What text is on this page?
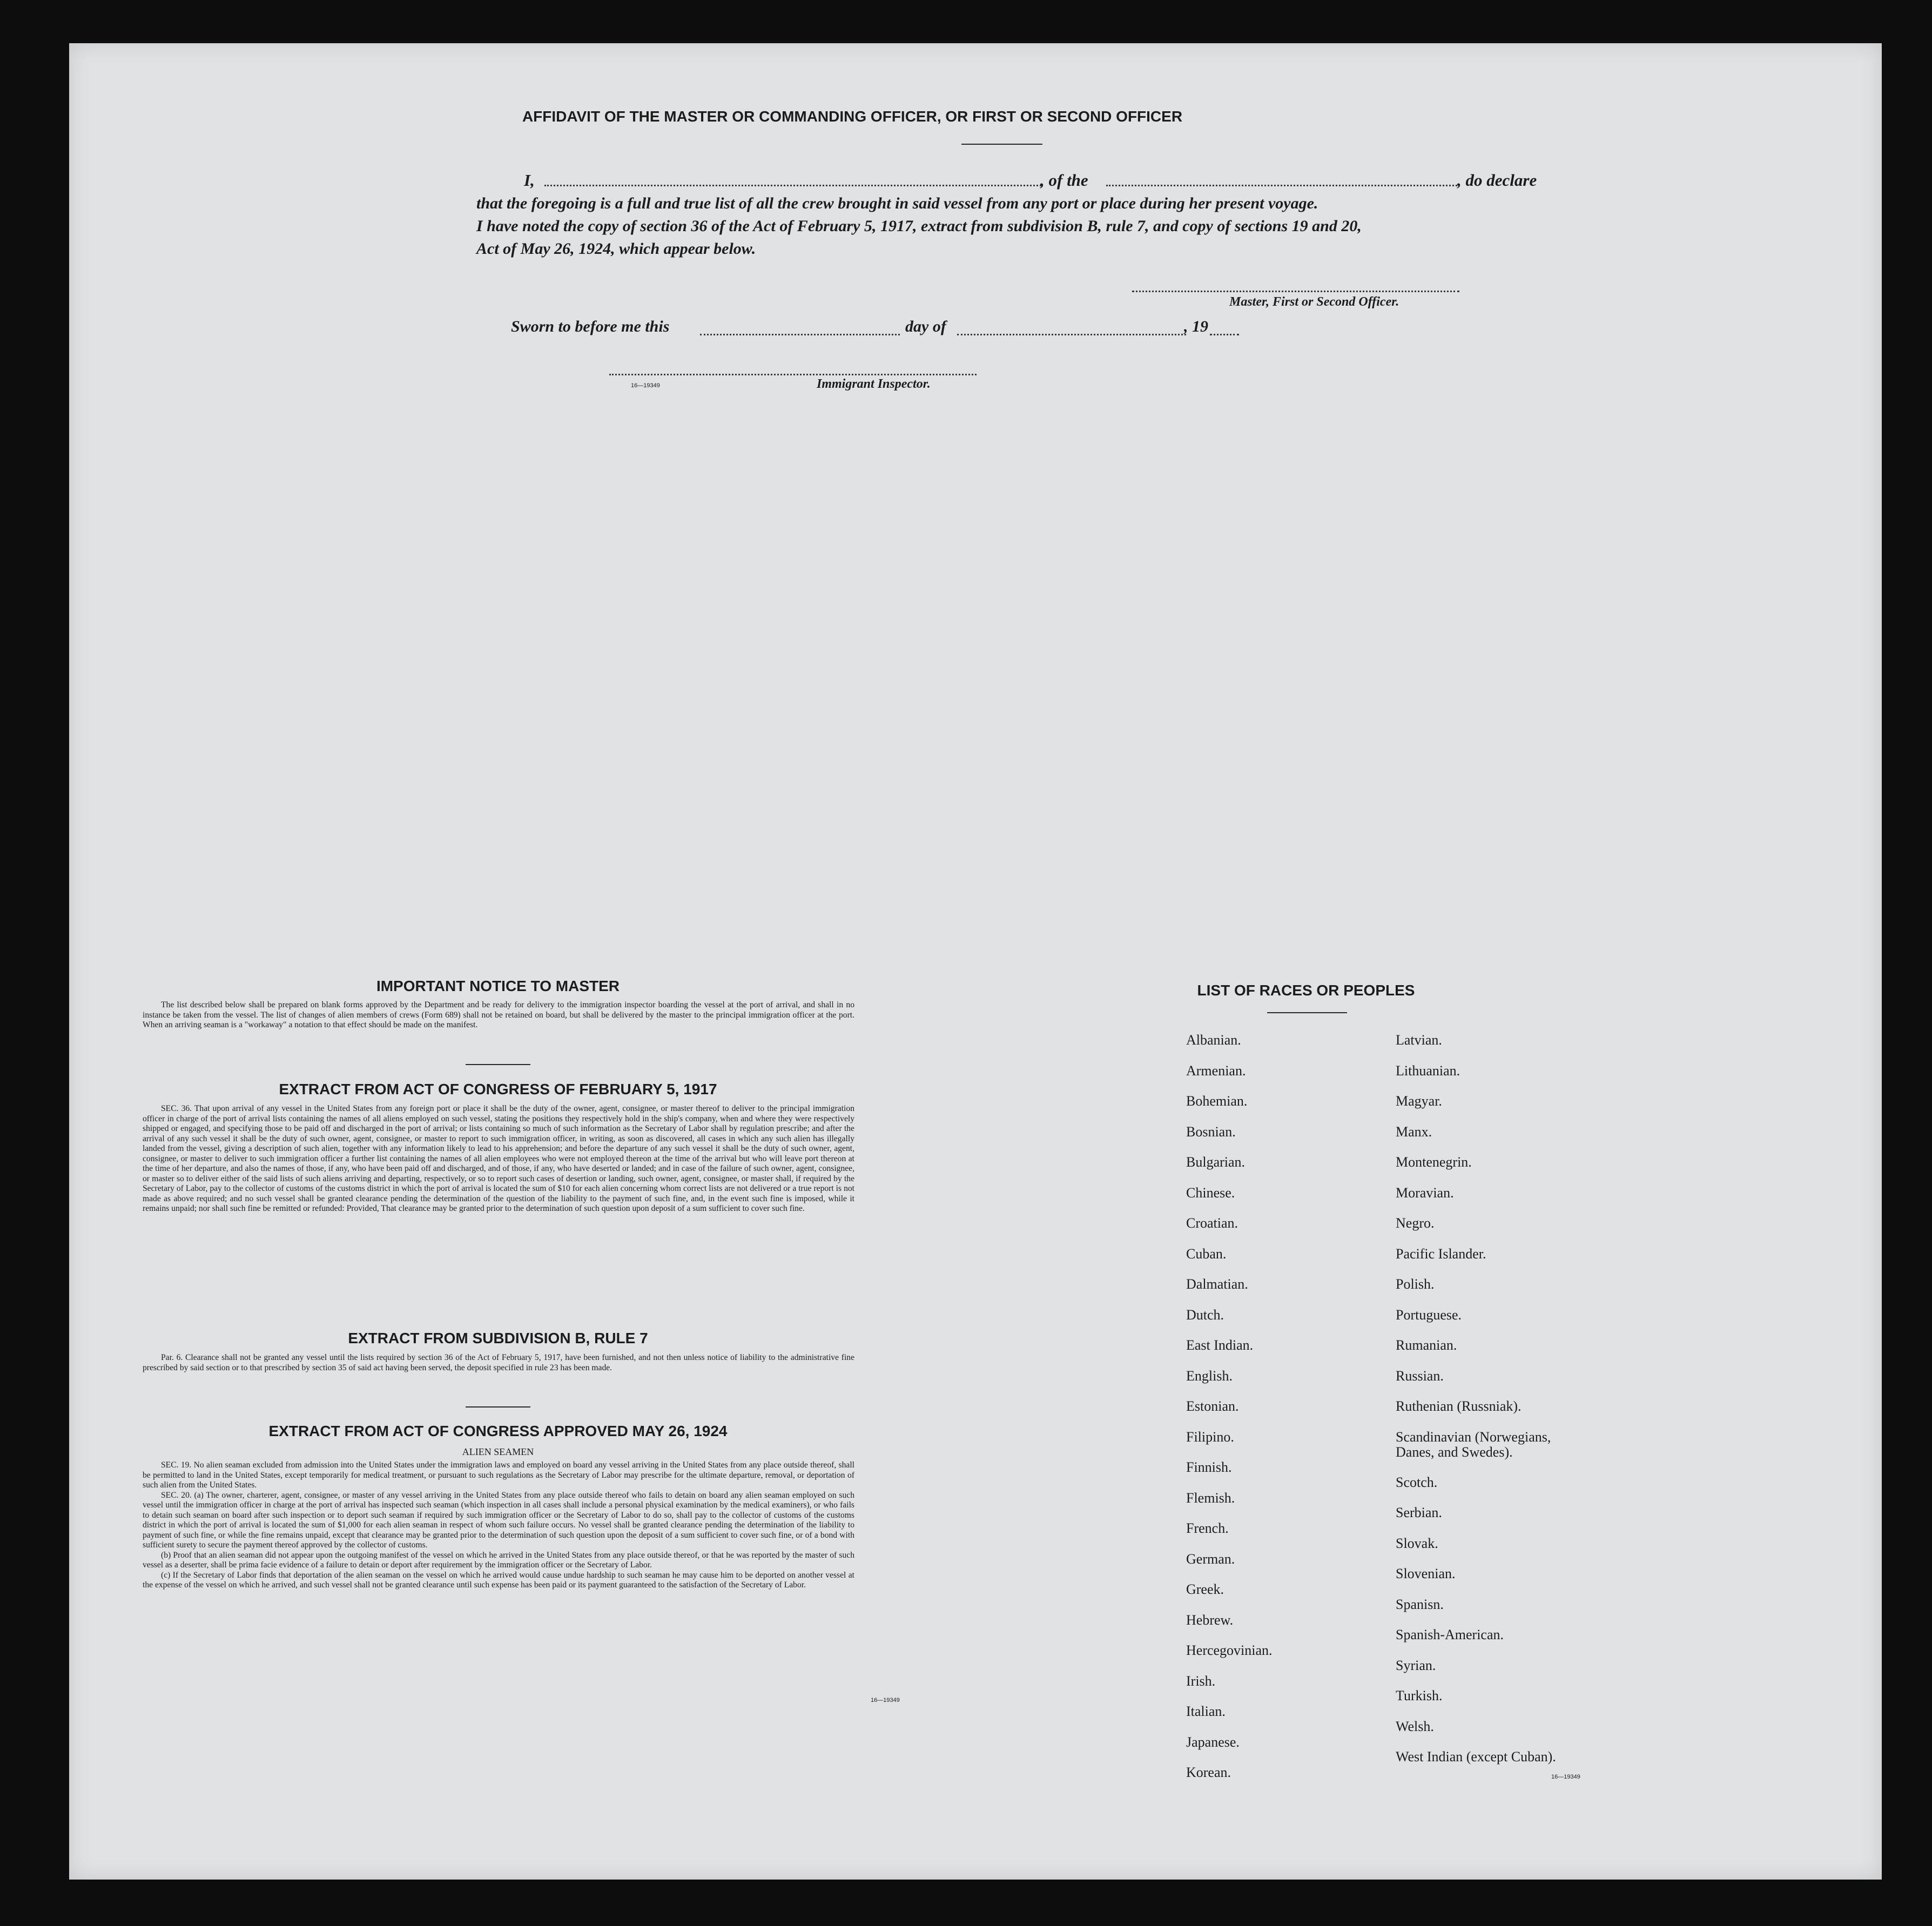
AFFIDAVIT OF THE MASTER OR COMMANDING OFFICER, OR FIRST OR SECOND OFFICER
I,	, of the	, do declare
that the foregoing is a full and true list of all the crew brought in said vessel from any port or place during her present voyage.
I have noted the copy of section 36 of the Act of February 5, 1917, extract from subdivision B, rule 7, and copy of sections 19 and 20,
Act of May 26, 1924, which appear below.
Master, First or Second Officer.
Sworn to before me this	day of	, 19
16—19349	Immigrant Inspector.
IMPORTANT NOTICE TO MASTER

The list described below shall be prepared on blank forms approved by the Department and be ready for delivery to the immigration inspector boarding the vessel at the port of arrival, and shall in no instance be taken from the vessel. The list of changes of alien members of crews (Form 689) shall not be retained on board, but shall be delivered by the master to the principal immigration officer at the port. When an arriving seaman is a "workaway" a notation to that effect should be made on the manifest.

EXTRACT FROM ACT OF CONGRESS OF FEBRUARY 5, 1917

SEC. 36. That upon arrival of any vessel in the United States from any foreign port or place it shall be the duty of the owner, agent, consignee, or master thereof to deliver to the principal immigration officer in charge of the port of arrival lists containing the names of all aliens employed on such vessel, stating the positions they respectively hold in the ship's company, when and where they were respectively shipped or engaged, and specifying those to be paid off and discharged in the port of arrival; or lists containing so much of such information as the Secretary of Labor shall by regulation prescribe; and after the arrival of any such vessel it shall be the duty of such owner, agent, consignee, or master to report to such immigration officer, in writing, as soon as discovered, all cases in which any such alien has illegally landed from the vessel, giving a description of such alien, together with any information likely to lead to his apprehension; and before the departure of any such vessel it shall be the duty of such owner, agent, consignee, or master to deliver to such immigration officer a further list containing the names of all alien employees who were not employed thereon at the time of the arrival but who will leave port thereon at the time of her departure, and also the names of those, if any, who have been paid off and discharged, and of those, if any, who have deserted or landed; and in case of the failure of such owner, agent, consignee, or master so to deliver either of the said lists of such aliens arriving and departing, respectively, or so to report such cases of desertion or landing, such owner, agent, consignee, or master shall, if required by the Secretary of Labor, pay to the collector of customs of the customs district in which the port of arrival is located the sum of $10 for each alien concerning whom correct lists are not delivered or a true report is not made as above required; and no such vessel shall be granted clearance pending the determination of the question of the liability to the payment of such fine, and, in the event such fine is imposed, while it remains unpaid; nor shall such fine be remitted or refunded: Provided, That clearance may be granted prior to the determination of such question upon deposit of a sum sufficient to cover such fine.

EXTRACT FROM SUBDIVISION B, RULE 7

Par. 6. Clearance shall not be granted any vessel until the lists required by section 36 of the Act of February 5, 1917, have been furnished, and not then unless notice of liability to the administrative fine prescribed by said section or to that prescribed by section 35 of said act having been served, the deposit specified in rule 23 has been made.

EXTRACT FROM ACT OF CONGRESS APPROVED MAY 26, 1924
ALIEN SEAMEN

SEC. 19. No alien seaman excluded from admission into the United States under the immigration laws and employed on board any vessel arriving in the United States from any place outside thereof, shall be permitted to land in the United States, except temporarily for medical treatment, or pursuant to such regulations as the Secretary of Labor may prescribe for the ultimate departure, removal, or deportation of such alien from the United States.

SEC. 20. (a) The owner, charterer, agent, consignee, or master of any vessel arriving in the United States from any place outside thereof who fails to detain on board any alien seaman employed on such vessel until the immigration officer in charge at the port of arrival has inspected such seaman (which inspection in all cases shall include a personal physical examination by the medical examiners), or who fails to detain such seaman on board after such inspection or to deport such seaman if required by such immigration officer or the Secretary of Labor to do so, shall pay to the collector of customs of the customs district in which the port of arrival is located the sum of $1,000 for each alien seaman in respect of whom such failure occurs. No vessel shall be granted clearance pending the determination of the liability to payment of such fine, or while the fine remains unpaid, except that clearance may be granted prior to the determination of such question upon the deposit of a sum sufficient to cover such fine, or of a bond with sufficient surety to secure the payment thereof approved by the collector of customs.

(b) Proof that an alien seaman did not appear upon the outgoing manifest of the vessel on which he arrived in the United States from any place outside thereof, or that he was reported by the master of such vessel as a deserter, shall be prima facie evidence of a failure to detain or deport after requirement by the immigration officer or the Secretary of Labor.

(c) If the Secretary of Labor finds that deportation of the alien seaman on the vessel on which he arrived would cause undue hardship to such seaman he may cause him to be deported on another vessel at the expense of the vessel on which he arrived, and such vessel shall not be granted clearance until such expense has been paid or its payment guaranteed to the satisfaction of the Secretary of Labor.

16—19349
LIST OF RACES OR PEOPLES
Albanian.
Armenian.
Bohemian.
Bosnian.
Bulgarian.
Chinese.
Croatian.
Cuban.
Dalmatian.
Dutch.
East Indian.
English.
Estonian.
Filipino.
Finnish.
Flemish.
French.
German.
Greek.
Hebrew.
Hercegovinian.
Irish.
Italian.
Japanese.
Korean.
Latvian.
Lithuanian.
Magyar.
Manx.
Montenegrin.
Moravian.
Negro.
Pacific Islander.
Polish.
Portuguese.
Rumanian.
Russian.
Ruthenian (Russniak).
Scandinavian (Norwegians,
Danes, and Swedes).
Scotch.
Serbian.
Slovak.
Slovenian.
Spanisn.
Spanish-American.
Syrian.
Turkish.
Welsh.
West Indian (except Cuban).
16—19349
